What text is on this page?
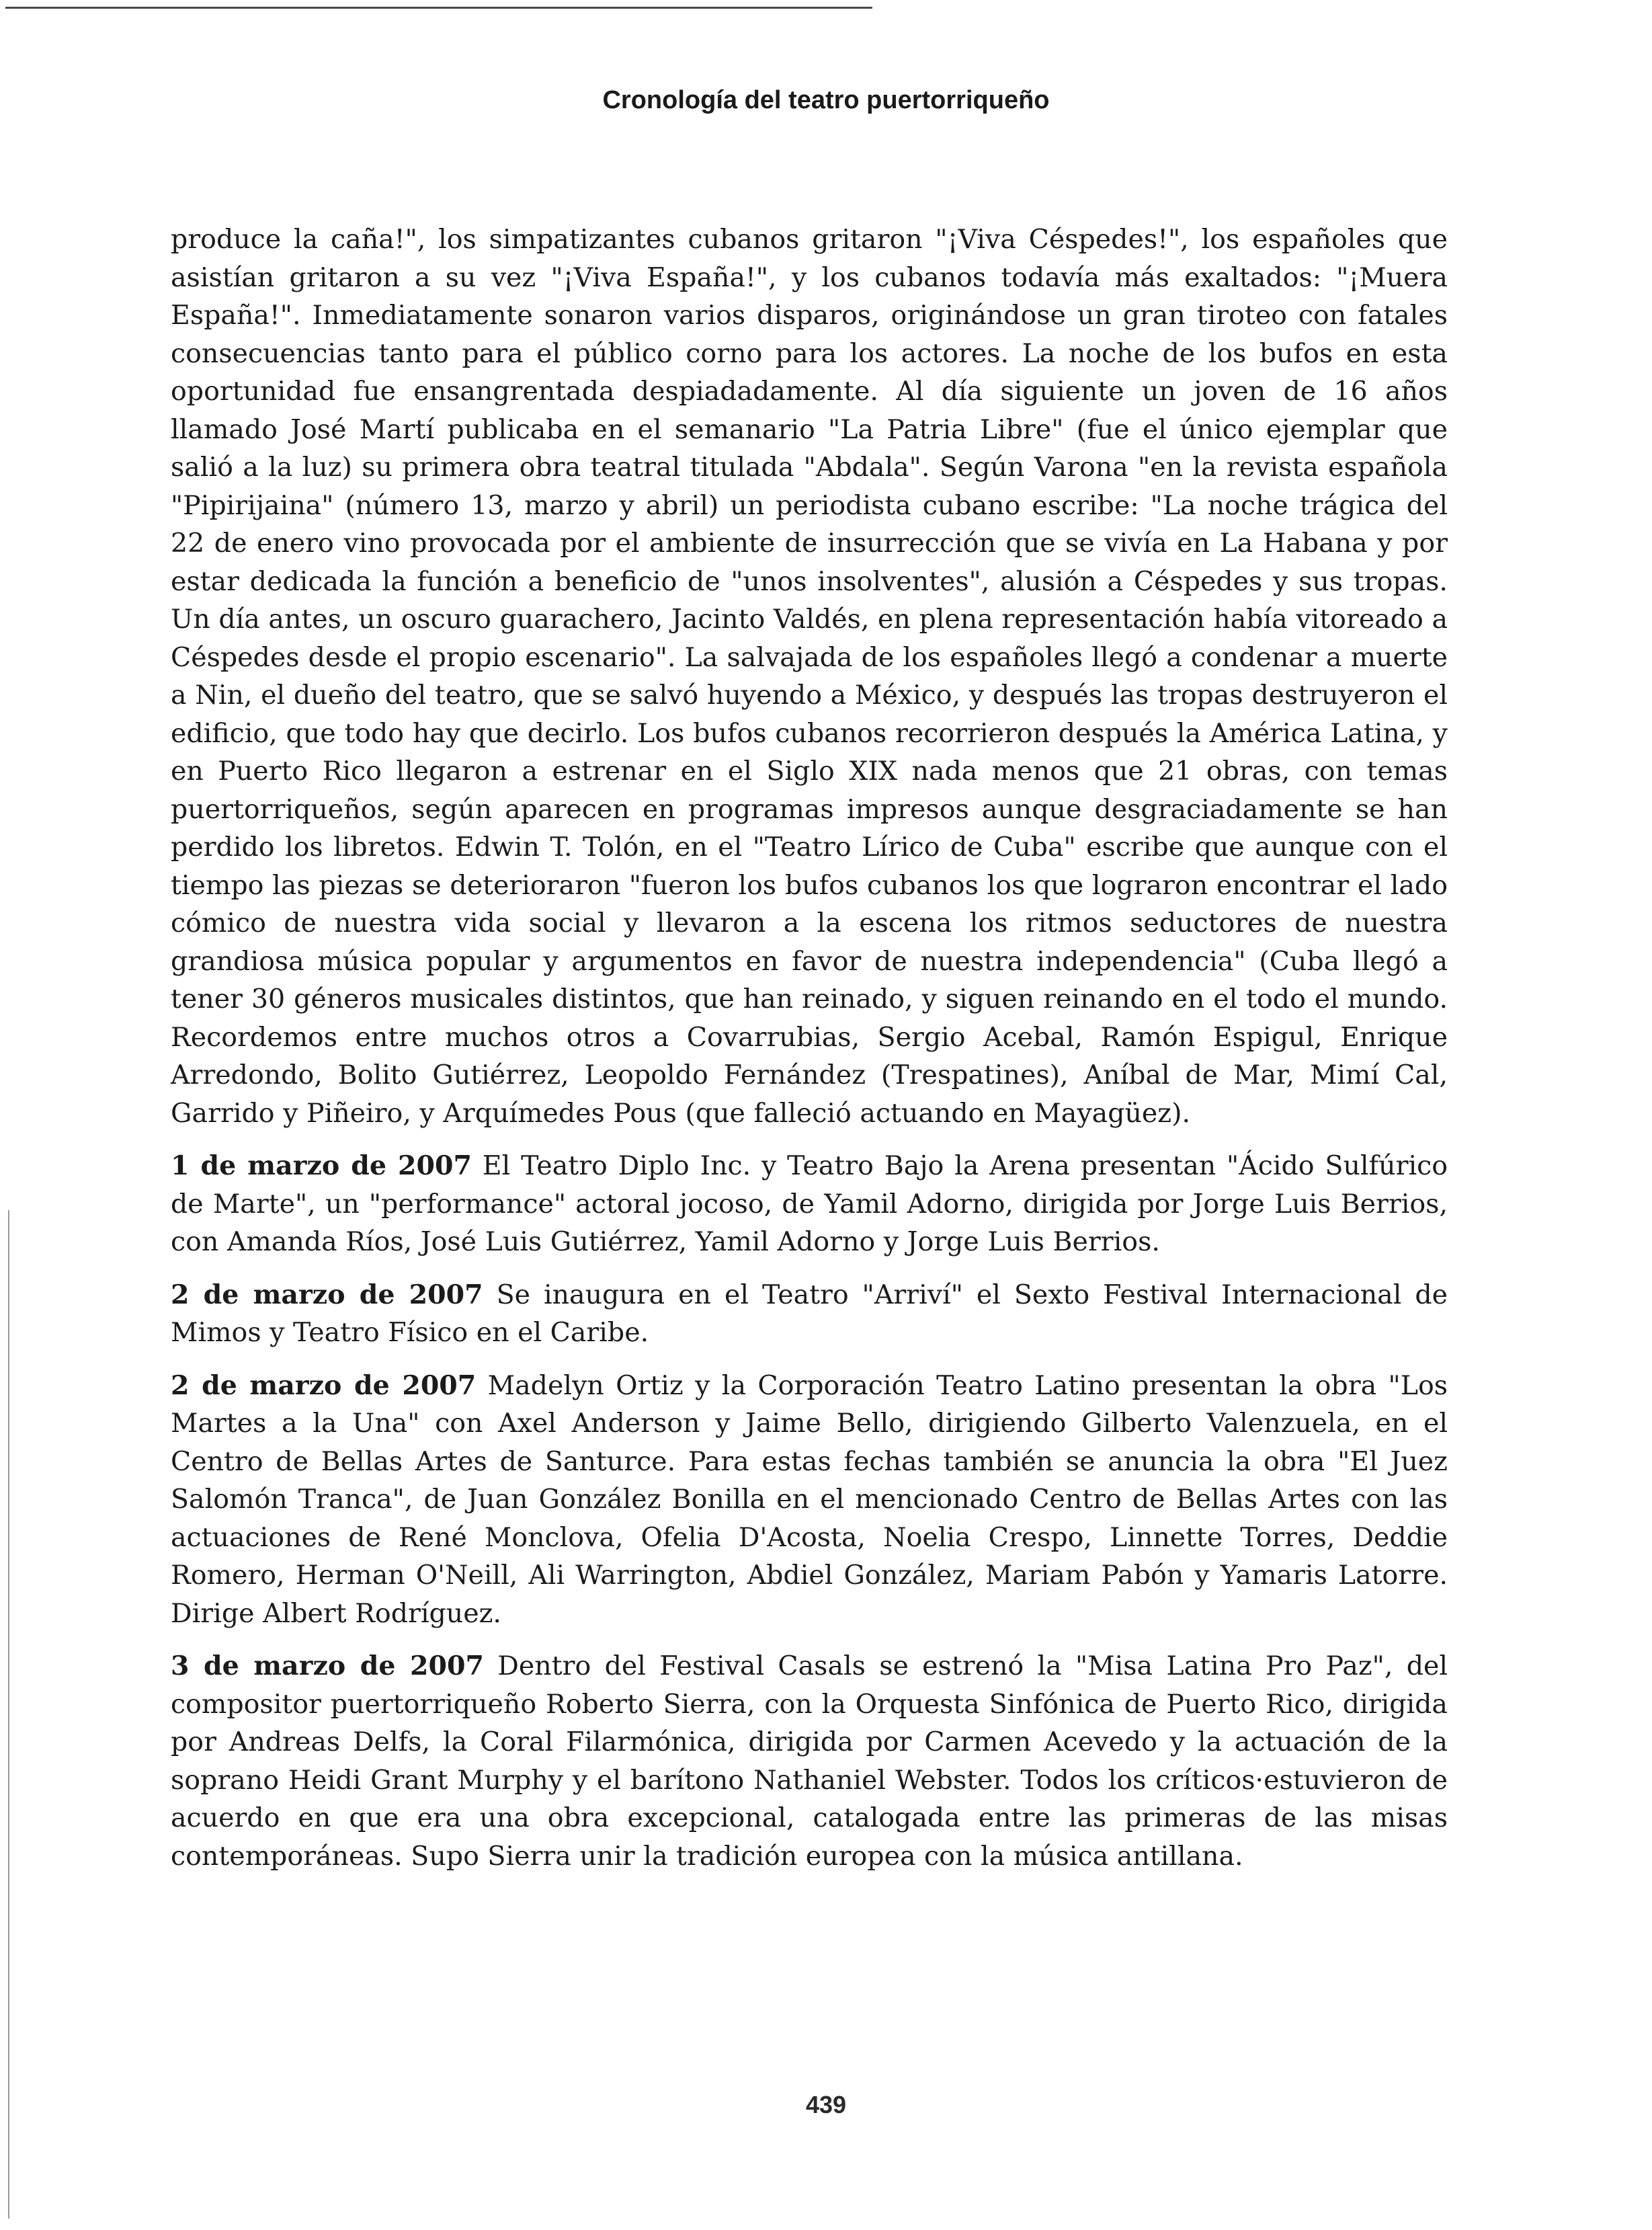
Cronología del teatro puertorriqueño

produce la caña!", los simpatizantes cubanos gritaron "¡Viva Céspedes!", los españoles que asistían gritaron a su vez "¡Viva España!", y los cubanos todavía más exaltados: "¡Muera España!". Inmediatamente sonaron varios disparos, originándose un gran tiroteo con fatales consecuencias tanto para el público corno para los actores. La noche de los bufos en esta oportunidad fue ensangrentada despiadadamente. Al día siguiente un joven de 16 años llamado José Martí publicaba en el semanario "La Patria Libre" (fue el único ejemplar que salió a la luz) su primera obra teatral titulada "Abdala". Según Varona "en la revista española "Pipirijaina" (número 13, marzo y abril) un periodista cubano escribe: "La noche trágica del 22 de enero vino provocada por el ambiente de insurrección que se vivía en La Habana y por estar dedicada la función a beneficio de "unos insolventes", alusión a Céspedes y sus tropas. Un día antes, un oscuro guarachero, Jacinto Valdés, en plena representación había vitoreado a Céspedes desde el propio escenario". La salvajada de los españoles llegó a condenar a muerte a Nin, el dueño del teatro, que se salvó huyendo a México, y después las tropas destruyeron el edificio, que todo hay que decirlo. Los bufos cubanos recorrieron después la América Latina, y en Puerto Rico llegaron a estrenar en el Siglo XIX nada menos que 21 obras, con temas puertorriqueños, según aparecen en programas impresos aunque desgraciadamente se han perdido los libretos. Edwin T. Tolón, en el "Teatro Lírico de Cuba" escribe que aunque con el tiempo las piezas se deterioraron "fueron los bufos cubanos los que lograron encontrar el lado cómico de nuestra vida social y llevaron a la escena los ritmos seductores de nuestra grandiosa música popular y argumentos en favor de nuestra independencia" (Cuba llegó a tener 30 géneros musicales distintos, que han reinado, y siguen reinando en el todo el mundo. Recordemos entre muchos otros a Covarrubias, Sergio Acebal, Ramón Espigul, Enrique Arredondo, Bolito Gutiérrez, Leopoldo Fernández (Trespatines), Aníbal de Mar, Mimí Cal, Garrido y Piñeiro, y Arquímedes Pous (que falleció actuando en Mayagüez).

1 de marzo de 2007 El Teatro Diplo Inc. y Teatro Bajo la Arena presentan "Ácido Sulfúrico de Marte", un "performance" actoral jocoso, de Yamil Adorno, dirigida por Jorge Luis Berrios, con Amanda Ríos, José Luis Gutiérrez, Yamil Adorno y Jorge Luis Berrios.

2 de marzo de 2007 Se inaugura en el Teatro "Arriví" el Sexto Festival Internacional de Mimos y Teatro Físico en el Caribe.

2 de marzo de 2007 Madelyn Ortiz y la Corporación Teatro Latino presentan la obra "Los Martes a la Una" con Axel Anderson y Jaime Bello, dirigiendo Gilberto Valenzuela, en el Centro de Bellas Artes de Santurce. Para estas fechas también se anuncia la obra "El Juez Salomón Tranca", de Juan González Bonilla en el mencionado Centro de Bellas Artes con las actuaciones de René Monclova, Ofelia D'Acosta, Noelia Crespo, Linnette Torres, Deddie Romero, Herman O'Neill, Ali Warrington, Abdiel González, Mariam Pabón y Yamaris Latorre. Dirige Albert Rodríguez.

3 de marzo de 2007 Dentro del Festival Casals se estrenó la "Misa Latina Pro Paz", del compositor puertorriqueño Roberto Sierra, con la Orquesta Sinfónica de Puerto Rico, dirigida por Andreas Delfs, la Coral Filarmónica, dirigida por Carmen Acevedo y la actuación de la soprano Heidi Grant Murphy y el barítono Nathaniel Webster. Todos los críticos·estuvieron de acuerdo en que era una obra excepcional, catalogada entre las primeras de las misas contemporáneas. Supo Sierra unir la tradición europea con la música antillana.

439
